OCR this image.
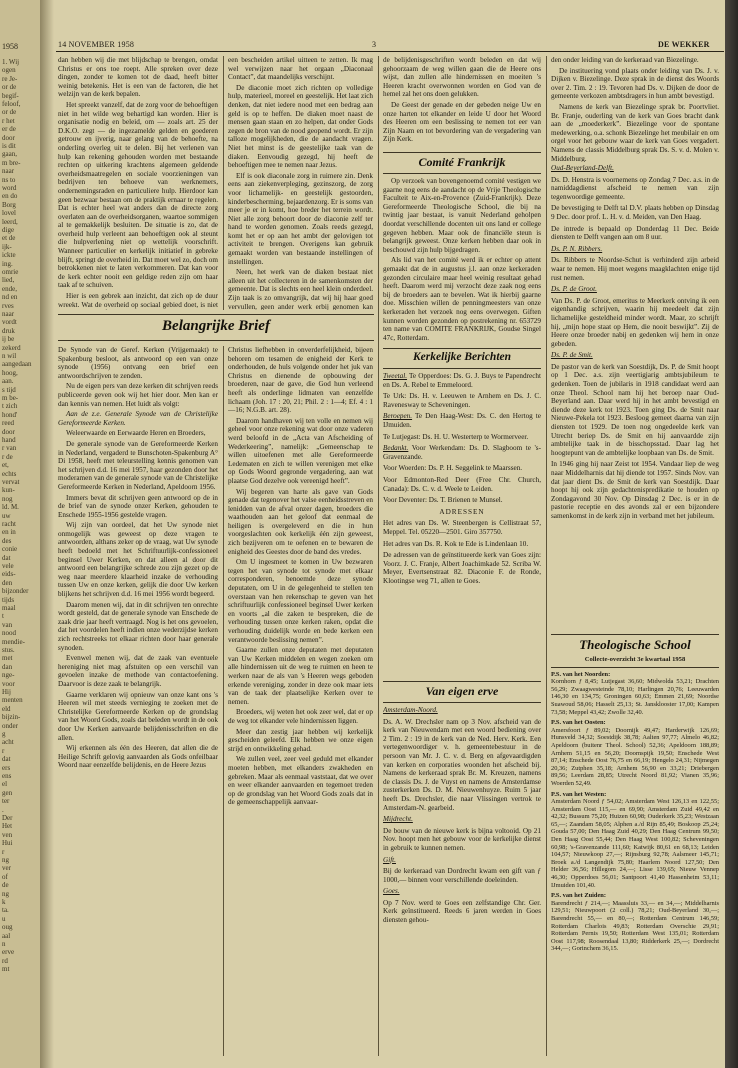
1958
1. Wij
ogen
re Je-
or de
begif-
feloof,
or de
r het
er de
door
is dit
gaan,
m bre-
naar
ns to
word
en do
Borg
lovel
leerd,
dige
et de
ijk-
ickte
ing.
omrie
lied,
ende,
nd en
rves
naar
vordt
druk
ij be
zekerd
n wil
aangedaan
hoog,
aan.
s tijd
m be-
t zich
hond'
reed
door
hand
r van
r de
et,
echts
vervat
kun-
nog
ld. M.
uw
racht
en in
des
conie
dat
vele
eids-
den
bijzonder
tijds
maal
t
van
nood
mendie-
stus.
met
dan
nge-
voor
Hij
menten
eld
bijzin-
onder
g
acht
r
dat
ers
ens
el
gen
ter
.
Der
Het
ven
Hui
r
ng
ver
of
de
ng
k
ta.
u
oug
aal
n
erve
rd
mt
14 NOVEMBER 1958	3	DE WEKKER

dan hebben wij die met blijdschap te brengen, omdat Christus er ons toe roept. Alle spreken over deze dingen, zonder te komen tot de daad, heeft bitter weinig betekenis. Het is een van de factoren, die het welzijn van de kerk bepalen.

Het spreekt vanzelf, dat de zorg voor de behoeftigen niet in het wilde weg behartigd kan worden. Hier is organisatie nodig en beleid, om — zoals art. 25 der D.K.O. zegt — de ingezamelde gelden en goederen getrouw en ijverig, naar gelang van de behoefte, na onderling overleg uit te delen. Bij het verlenen van hulp kan rekening gehouden worden met bestaande rechten op uitkering krachtens algemeen geldende overheidsmaatregelen en sociale voorzieningen van bedrijven ten behoeve van werknemers, ondernemingsraden en particuliere hulp. Hierdoor kan geen bezwaar bestaan om de praktijk ernaar te regelen. Dat is echter heel wat anders dan de directe zorg overlaten aan de overheidsorganen, waartoe sommigen al te gemakkelijk besluiten. De situatie is zo, dat de overheid hulp verleent aan behoeftigen ook al steunt die hulpverlening niet op wettelijk voorschrift. Wanneer particulier en kerkelijk initiatief in gebreke blijft, springt de overheid in. Dat moet wel zo, doch om betrokkenen niet te laten verkommeren. Dat kan voor de kerk echter nooit een geldige reden zijn om haar taak af te schuiven.

Hier is een gebrek aan inzicht, dat zich op de duur wreekt. Wat de overheid op sociaal gebied doet, is niet

een bescheiden artikel uitteen te zetten. Ik mag wel verwijzen naar het orgaan „Diaconaal Contact”, dat maandelijks verschijnt.

De diaconie moet zich richten op volledige hulp, materieel, moreel en geestelijk. Het laat zich denken, dat niet iedere nood met een bedrag aan geld is op te heffen. De diaken moet naast de mensen gaan staan en zo helpen, dat onder Gods zegen de bron van de nood geopend wordt. Er zijn talloze mogelijkheden, die de aandacht vragen. Niet het minst is de geestelijke taak van de diaken. Eenvoudig gezegd, hij heeft de behoeftigen mee te nemen naar Jezus.

Elf is ook diaconale zorg in ruimere zin. Denk eens aan ziekenverpleging, gezinszorg, de zorg voor lichamelijk- en geestelijk gestoorden, kinderbescherming, bejaardenzorg. Er is soms van meer je er in komt, hoe breder het terrein wordt. Niet alle zorg behoort door de diaconie zelf ter hand te worden genomen. Zoals reeds gezegd, komt het er op aan het ambt der gelovigen tot activiteit te brengen. Overigens kan gebruik gemaakt worden van bestaande instellingen of instellingen.

Neen, het werk van de diaken bestaat niet alleen uit het collecteren in de samenkomsten der gemeente. Dat is slechts een heel klein onderdeel. Zijn taak is zo omvangrijk, dat wij hij haar goed vervullen, geen ander werk erbij genomen kan

Belangrijke Brief

De Synode van de Geref. Kerken (Vrijgemaakt) te Spakenburg besloot, als antwoord op een van onze synode (1956) ontvang een brief een antwoordschrijven te zenden.

Nu de eigen pers van deze kerken dit schrijven reeds publiceerde geven ook wij het hier door. Men kan er dan kennis van nemen. Het luidt als volgt:

Aan de z.e. Generale Synode van de Christelijke Gereformeerde Kerken.

Weleerwaarde en Eerwaarde Heren en Broeders,

De generale synode van de Gereformeerde Kerken in Nederland, vergaderd te Bunschoten-Spakenburg A° Di 1958, heeft met teleurstelling kennis genomen van het schrijven d.d. 16 mei 1957, haar gezonden door het moderamen van de generale synode van de Christelijke Gereformeerde Kerken in Nederland, Apeldoorn 1956.

Immers bevat dit schrijven geen antwoord op de in de brief van de synode onzer Kerken, gehouden te Enschede 1955-1956 gestelde vragen.

Wij zijn van oordeel, dat het Uw synode niet onmogelijk was geweest op deze vragen te antwoorden, althans zeker op de vraag, wat Uw synode heeft bedoeld met het Schriftuurlijk-confessioneel beginsel Uwer Kerken, en dat alleen al door dit antwoord een belangrijke schrede zou zijn gezet op de weg naar meerdere klaarheid inzake de verhouding tussen Uw en onze kerken, gelijk die door Uw kerken blijkens het schrijven d.d. 16 mei 1956 wordt begeerd.

Daarom menen wij, dat in dit schrijven ten onrechte wordt gesteld, dat de generale synode van Enschede de zaak drie jaar heeft vertraagd. Nog is het ons gevoelen, dat het voordelen heeft indien onze wederzijdse kerken zich rechtstreeks tot elkaar richten door haar generale synoden.

Evenwel menen wij, dat de zaak van eventuele hereniging niet mag afstuiten op een verschil van gevoelen inzake de methode van contactoefening. Daarvoor is deze zaak te belangrijk.

Gaarne verklaren wij opnieuw van onze kant ons 's Heeren wil met steeds vernieging te zoeken met de Christelijke Gereformeerde Kerken op de grondslag van het Woord Gods, zoals dat beleden wordt in de ook door Uw Kerken aanvaarde belijdenisschriften en die allen.

Wij erkennen als één des Heeren, dat allen die de Heilige Schrift gelovig aanvaarden als Gods onfeilbaar Woord naar eenzelfde belijdenis, en de Heere Jezus

Christus liefhebben in onverderfelijkheid, bijeen behoren om tesamen de enigheid der Kerk te onderhouden, de huls volgende onder het juk van Christus en dienende de opbouwing der broederen, naar de gave, die God hun verleend heeft als onderlinge lidmaten van eenzelfde lichaam (Joh. 17 : 20, 21; Phil. 2 : 1—4; Ef. 4 : 1—16; N.G.B. art. 28).

Daarom handhaven wij ten volle en nemen wij geheel voor onze rekening wat door onze vaderen werd beloofd in de „Acta van Afscheiding of Wederkeering”, namelijk: „Gemeenschap te willen uitoefenen met alle Gereformeerde Ledematen en zich te willen verenigen met elke op Gods Woord gegronde vergadering, aan wat plaatse God dezelve ook vereenigd heeft”.

Wij begeren van harte als gave van Gods genade dat tegenover het valse eenheidsstreven en lenidden van de afval onzer dagen, broeders die waathouden aan het geloof dat eenmaal de heiligen is overgeleverd en die in hun voorgeslachten ook kerkelijk één zijn geweest, zich bezijveren om te oefenen en te bewaren de enigheid des Geestes door de band des vredes.

Om U ingesmeet te komen in Uw bezwaren tegen het van synode tot synode met elkaar corresponderen, benoemde deze synode deputaten, om U in de gelegenheid te stellen ten overstaan van hen rekenschap te geven van het schriftuurlijk confessioneel beginsel Uwer kerken en voorts „al die zaken te bespreken, die de verhouding tussen onze kerken raken, opdat die verhouding duidelijk worde en bede kerken een verantwoorde beslissing nemen”.

Gaarne zullen onze deputaten met deputaten van Uw Kerken middelen en wegen zoeken om alle hindernissen uit de weg te ruimen en heen te werken naar de als van 's Heeren wegs geboden erkende vereniging, zonder in deze ook maar iets van de taak der plaatselijke Kerken over te nemen.

Broeders, wij weten het ook zeer wel, dat er op de weg tot elkander vele hindernissen liggen.

Meer dan zestig jaar hebben wij kerkelijk gescheiden geleefd. Elk hebben we onze eigen strijd en ontwikkeling gehad.

We zullen veel, zeer veel geduld met elkander moeten hebben, met elkanders zwakheden en gebreken. Maar als eenmaal vaststaat, dat we over en weer elkander aanvaarden en tegemoet treden op de grondslag van het Woord Gods zoals dat in de gemeenschappelijk aanvaar-

de belijdenisgeschriften wordt beleden en dat wij gehoorzaam de weg willen gaan die de Heere ons wijst, dan zullen alle hindernissen en moeiten 's Heeren kracht overwonnen worden en God van de hemel zal het ons doen gelukken.

De Geest der genade en der gebeden neige Uw en onze harten tot elkander en leide U door het Woord des Heeren om een beslissing te nemen tot eer van Zijn Naam en tot bevordering van de vergadering van Zijn Kerk.

Comité Frankrijk

Op verzoek van bovengenoemd comité vestigen we gaarne nog eens de aandacht op de Vrije Theologische Faculteit te Aix-en-Provence (Zuid-Frankrijk). Deze Gereformeerde Theologische School, die bij na twintig jaar bestaat, is vanuit Nederland geholpen doordat verschillende docenten uit ons land er college gegeven hebben. Maar ook de financiële steun is belangrijk geweest. Onze kerken hebben daar ook in beschouwd zijn hulp bijgedragen.

Als lid van het comité werd ik er echter op attent gemaakt dat de in augustus j.l. aan onze kerkeraden gezonden circulaire maar heel weinig resultaat gehad heeft. Daarom werd mij verzocht deze zaak nog eens bij de broeders aan te bevelen. Wat ik hierbij gaarne doe. Misschien willen de penningmeesters van onze kerkeraden het verzoek nog eens overwegen. Giften kunnen worden gezonden op postrekening nr. 653729 ten name van COMITE FRANKRIJK, Goudse Singel 47c, Rotterdam.

Kerkelijke Berichten

Tweetal. Te Opperdoes: Ds. G. J. Buys te Papendrecht en Ds. A. Rebel te Emmeloord.

Te Urk: Ds. H. v. Leeuwen te Arnhem en Ds. J. C. Ravenesway te Scheveningen.

Beroepen. Te Den Haag-West: Ds. C. den Hertog te IJmuiden.

Te Lutjegast: Ds. H. U. Westerterp te Wormerveer.

Bedankt. Voor Werkendam: Ds. D. Slagboom te 's-Gravenzande.

Voor Woerden: Ds. P. H. Seggelink te Maarssen.

Voor Edmonton-Red Deer (Free Chr. Church, Canada): Ds. C. v. d. Weele te Leiden.

Voor Deventer: Ds. T. Brienen te Munsel.

ADRESSEN

Het adres van Ds. W. Steenbergen is Cellistraat 57, Meppel. Tel. 05220—2501. Giro 357750.

Het adres van Ds. R. Kok te Ede is Lindenlaan 10.

De adressen van de geïnstitueerde kerk van Goes zijn: Voorz. J. C. Franje, Albert Joachimkade 52. Scriba W. Meyer, Evertsenstraat 82. Diaconie F. de Ronde, Klootingse weg 71, allen te Goes.

Van eigen erve

Amsterdam-Noord.

Ds. A. W. Drechsler nam op 3 Nov. afscheid van de kerk van Nieuwendam met een woord bediening over 2 Tim. 2 : 19 in de kerk van de Ned. Herv. Kerk. Een vertegenwoordiger v. h. gemeentebestuur in de persoon van Mr. J. C. v. d. Berg en afgevaardigden van kerken en corporaties woonden het afscheid bij. Namens de kerkeraad sprak Br. M. Kreuzen, namens de classis Ds. J. de Vuyst en namens de Amsterdamse zusterkerken Ds. D. M. Nieuwenhuyze. Ruim 5 jaar heeft Ds. Drechsler, die naar Vlissingen vertrok te Amsterdam-N. gearbeid.

Mijdrecht.

De bouw van de nieuwe kerk is bijna voltooid. Op 21 Nov. hoopt men het gebouw voor de kerkelijke dienst in gebruik te kunnen nemen.

Gift.

Bij de kerkeraad van Dordrecht kwam een gift van ƒ 1000,— binnen voor verschillende doeleinden.

Goes.

Op 7 Nov. werd te Goes een zelfstandige Chr. Ger. Kerk geïnstitueerd. Reeds 6 jaren werden in Goes diensten gehou-

den onder leiding van de kerkeraad van Biezelinge.

De instituering vond plaats onder leiding van Ds. J. v. Dijken v. Biezelinge. Deze sprak in de dienst des Woords over 2. Tim. 2 : 19. Tevoren had Ds. v. Dijken de door de gemeente verkozen ambtsdragers in hun ambt bevestigd.

Namens de kerk van Biezelinge sprak br. Poortvliet. Br. Franje, ouderling van de kerk van Goes bracht dank aan de „moederkerk”. Biezelinge voor de spontane medewerking, o.a. schonk Biezelinge het meubilair en om orgel voor het gebouw waar de kerk van Goes vergadert. Namens de classis Middelburg sprak Ds. S. v. d. Molen v. Middelburg.

Oud-Beyerland-Delft.

Ds. D. Henstra is voornemens op Zondag 7 Dec. a.s. in de namiddagdienst afscheid te nemen van zijn tegenwoordige gemeente.

De bevestiging te Delft tal D.V. plaats hebben op Dinsdag 9 Dec. door prof. L. H. v. d. Meiden, van Den Haag.

De intrede is bepaald op Donderdag 11 Dec. Beide diensten te Delft vangen aan om 8 uur.

Ds. P. N. Ribbers.

Ds. Ribbers te Noordse-Schut is verhinderd zijn arbeid waar te nemen. Hij moet wegens maagklachten enige tijd rust nemen.

Ds. P. de Groot.

Van Ds. P. de Groot, emeritus te Meerkerk ontving ik een eigenhandig schrijven, waarin hij meedeelt dat zijn lichamelijke gesteldheid minder wordt. Maar, zo schrijft hij, „mijn hope staat op Hem, die nooit beswijkt”. Zij de Heere onze broeder nabij en gedenken wij hem in onze gebeden.

Ds. P. de Smit.

De pastor van de kerk van Soestdijk, Ds. P. de Smit hoopt op 1 Dec. a.s. zijn veertigjarig ambtsjubileum te gedenken. Toen de jubilaris in 1918 candidaat werd aan onze Theol. School nam hij het beroep naar Oud-Beyerland aan. Daar werd hij in het ambt bevestigd en diende deze kerk tot 1923. Toen ging Ds. de Smit naar Nieuwe-Pekela tot 1923. Besloog gemeet daarna van zijn diensten tot 1929. De toen nog ongedeelde kerk van Utrecht beriep Ds. de Smit en hij aanvaardde zijn ambtelijke taak in de bisschopsstad. Daar lag het hoogtepunt van de ambtelijke loopbaan van Ds. de Smit.

In 1946 ging hij naar Zeist tot 1954. Vandaar liep de weg naar Middelharnis dat hij diende tot 1957. Sinds Nov. van dat jaar dient Ds. de Smit de kerk van Soestdijk. Daar hoopt hij ook zijn gedachtenispredikatie te houden op Zondagavond 30 Nov. Op Dinsdag 2 Dec. is er in de pastorie receptie en des avonds zal er een bijzondere samenkomst in de kerk zijn in verband met het jubileum.

Theologische School
Collecte-overzicht 3e kwartaal 1958
P.S. van het Noorden:
Kornhorn ƒ 8,45; Lutjegast 36,60; Midwolda 53,21; Drachten 56,29; Zwaagwesteinde 78,10; Harlingen 20,76; Leeuwarden 146,30 en 134,75; Groningen 60,63; Emmen 21,69; Noordse Suawoud 58,06; Hasselt 25,13; St. Jansklooster 17,00; Kampen 73,58; Meppel 43,42; Zwolle 32,40.
P.S. van het Oosten:
Amersfoort ƒ 89,02; Doornijk 49,47; Harderwijk 126,69; Hunsveld 34,32; Soestdijk 38,78; Aalten 97,77; Almelo 46,82; Apeldoorn (buitenr Theol. School) 52,36; Apeldoorn 188,89; Arnhem 51,15 en 56,20; Doornspijk 19,50; Enschede West 87,14; Enschede Oost 76,75 en 66,19; Hengelo 24,31; Nijmegen 20,36; Zutphen 35,18; Arnhem 56,90 en 33,21; Driebergen 89,56; Leerdam 28,85; Utrecht Noord 81,92; Vianen 35,96; Woerden 52,49.
P.S. van het Westen:
Amsterdam Noord ƒ 54,02; Amsterdam West 126,13 en 122,55; Amsterdam Oost 115,— en 69,90; Amsterdam Zuid 49,42 en 42,32; Bussum 75,20; Huizen 60,98; Ouderkerk 35,23; Westzaan 65,—; Zaandam 58,05; Alphen a./d Rijn 85,49; Boskoop 25,24; Gouda 57,00; Den Haag Zuid 40,29; Den Haag Centrum 99,50; Den Haag Oost 55,44; Den Haag West 100,82; Scheveningen 60,98; 's-Gravenzande 111,60; Katwijk 80,61 en 68,13; Leiden 104,57; Nieuwkoop 27,—; Rijnsburg 92,78; Aalsmeer 145,71; Broek a./d Langendijk 75,80; Haarlem Noord 127,50; Den Helder 36,56; Hillegom 24,—; Lisse 139,65; Nieuw Vennep 46,30; Opperdoes 56,01; Santpoort 41,40 Hassenheim 53,11; IJmuiden 101,40.
P.S. van het Zuiden:
Barendrecht ƒ 214,—; Maassluis 33,— en 34,—; Middelharnis 129,51; Nieuwpoort (2 coll.) 78,21; Oud-Beyerland 30,—; Barendrecht 55,— en 80,—; Rotterdam Centrum 146,59; Rotterdam Charlois 49,83; Rotterdam Overschie 29,91; Rotterdam Pernis 19,50; Rotterdam West 135,01; Rotterdam Oost 117,98; Roosendaal 13,80; Ridderkerk 25,—; Dordrecht 344,—; Gorinchem 36,15.
